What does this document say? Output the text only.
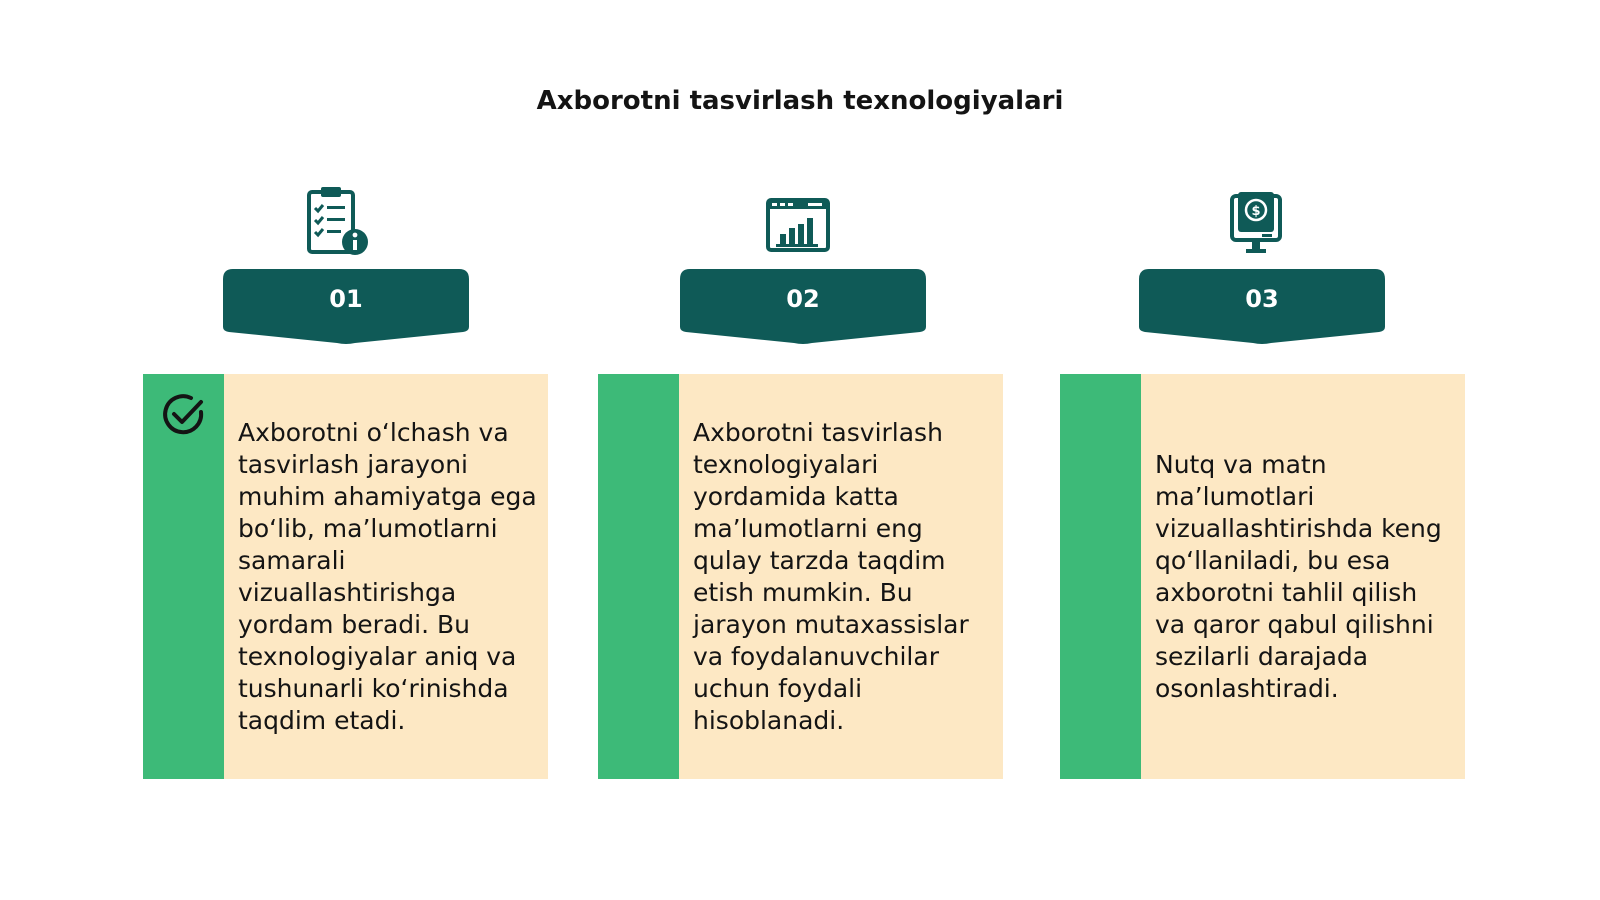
Axborotni tasvirlash texnologiyalari
01

Axborotni o‘lchash va tasvirlash jarayoni muhim ahamiyatga ega bo‘lib, ma’lumotlarni samarali vizuallashtirishga yordam beradi. Bu texnologiyalar aniq va tushunarli ko‘rinishda taqdim etadi.

02

Axborotni tasvirlash texnologiyalari yordamida katta ma’lumotlarni eng qulay tarzda taqdim etish mumkin. Bu jarayon mutaxassislar va foydalanuvchilar uchun foydali hisoblanadi.

$
03

Nutq va matn ma’lumotlari vizuallashtirishda keng qo‘llaniladi, bu esa axborotni tahlil qilish va qaror qabul qilishni sezilarli darajada osonlashtiradi.
